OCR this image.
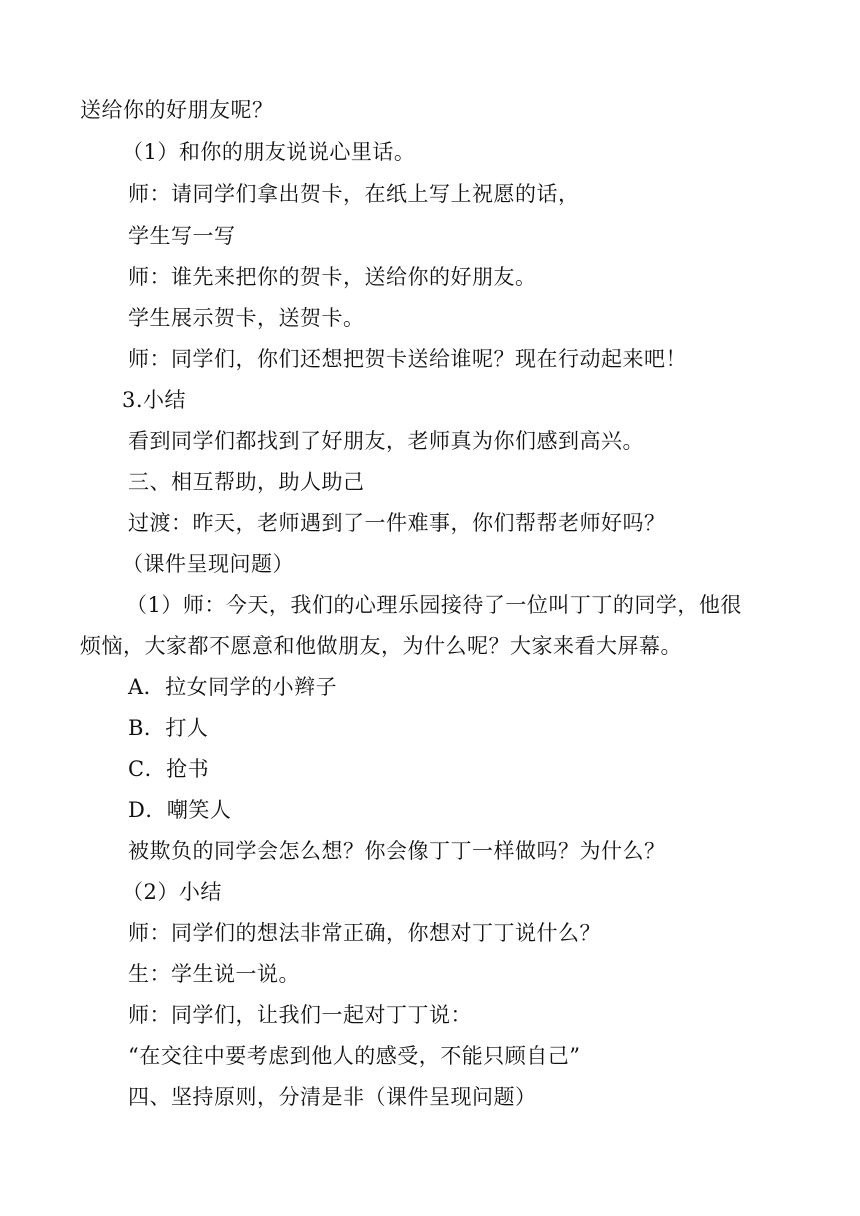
送给你的好朋友呢？
（1）和你的朋友说说心里话。
师：请同学们拿出贺卡，在纸上写上祝愿的话，
学生写一写
师：谁先来把你的贺卡，送给你的好朋友。
学生展示贺卡，送贺卡。
师：同学们，你们还想把贺卡送给谁呢？现在行动起来吧！
3.小结
看到同学们都找到了好朋友，老师真为你们感到高兴。
三、相互帮助，助人助己
过渡：昨天，老师遇到了一件难事，你们帮帮老师好吗？
（课件呈现问题）
（1）师：今天，我们的心理乐园接待了一位叫丁丁的同学，他很
烦恼，大家都不愿意和他做朋友，为什么呢？大家来看大屏幕。
A．拉女同学的小辫子
B．打人
C．抢书
D．嘲笑人
被欺负的同学会怎么想？你会像丁丁一样做吗？为什么？
（2）小结
师：同学们的想法非常正确，你想对丁丁说什么？
生：学生说一说。
师：同学们，让我们一起对丁丁说：
“在交往中要考虑到他人的感受，不能只顾自己”
四、坚持原则，分清是非（课件呈现问题）
